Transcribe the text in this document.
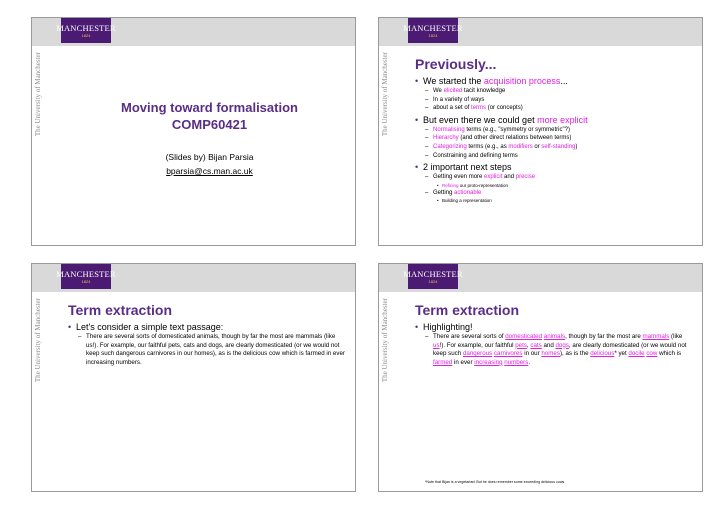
MANCHESTER
1824
The University of Manchester	Moving toward formalisation
COMP60421
(Slides by) Bijan Parsia
bparsia@cs.man.ac.uk
MANCHESTER
1824
The University of Manchester Previously...
• We started the acquisition process...
– We elicited tacit knowledge
– In a variety of ways
– about a set of terms (or concepts)
• But even there we could get more explicit
– Normalising terms (e.g., "symmetry or symmetric"?)
– Hierarchy (and other direct relations between terms)
– Categorizing terms (e.g., as modifiers or self-standing)
– Constraining and defining terms
• 2 important next steps
– Getting even more explicit and precise
• Refining our proto-representation
– Getting actionable
• Building a representation
MANCHESTER
1824
The University of Manchester Term extraction
• Let's consider a simple text passage:
– There are several sorts of domesticated animals, though by far the most are mammals (like us!). For example, our faithful pets, cats and dogs, are clearly domesticated (or we would not keep such dangerous carnivores in our homes), as is the delicious cow which is farmed in ever increasing numbers.
MANCHESTER
1824
The University of Manchester Term extraction
• Highlighting!
– There are several sorts of domesticated animals, though by far the most are mammals (like us!). For example, our faithful pets, cats and dogs, are clearly domesticated (or we would not keep such dangerous carnivores in our homes), as is the delicious* yet docile cow which is farmed in ever increasing numbers.
*Note that Bijan is a vegetarian! But he does remember some exceeding delicious cows.
